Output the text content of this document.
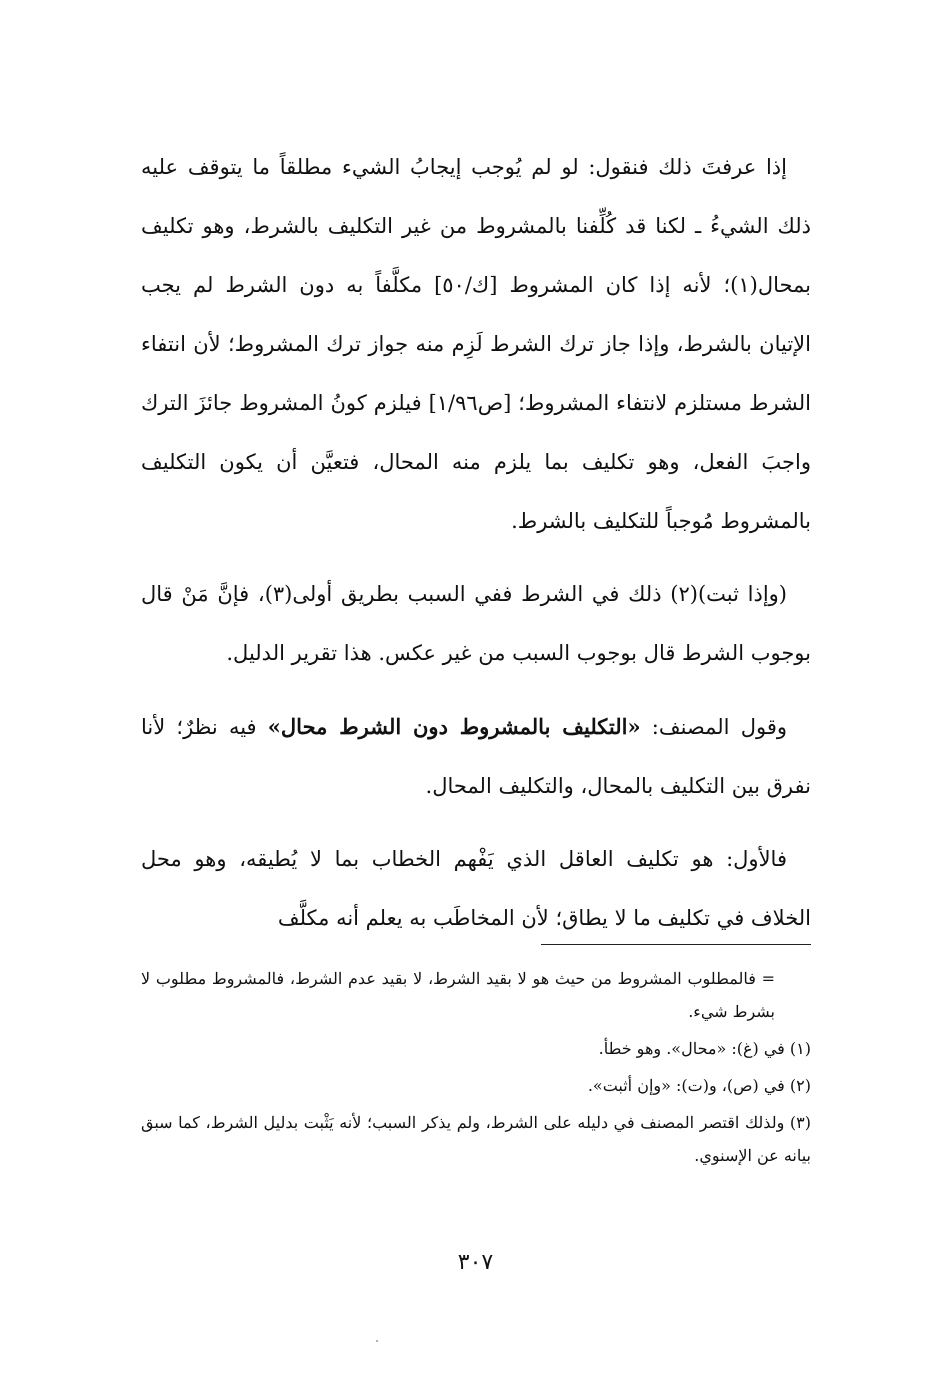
إذا عرفتَ ذلك فنقول: لو لم يُوجب إيجابُ الشيء مطلقاً ما يتوقف عليه ذلك الشيءُ ـ لكنا قد كُلِّفنا بالمشروط من غير التكليف بالشرط، وهو تكليف بمحال(١)؛ لأنه إذا كان المشروط [ك/٥٠] مكلَّفاً به دون الشرط لم يجب الإتيان بالشرط، وإذا جاز ترك الشرط لَزِم منه جواز ترك المشروط؛ لأن انتفاء الشرط مستلزم لانتفاء المشروط؛ [ص١/٩٦] فيلزم كونُ المشروط جائزَ الترك واجبَ الفعل، وهو تكليف بما يلزم منه المحال، فتعيَّن أن يكون التكليف بالمشروط مُوجباً للتكليف بالشرط.

(وإذا ثبت)(٢) ذلك في الشرط ففي السبب بطريق أولى(٣)، فإنَّ مَنْ قال بوجوب الشرط قال بوجوب السبب من غير عكس. هذا تقرير الدليل.

وقول المصنف: «التكليف بالمشروط دون الشرط محال» فيه نظرٌ؛ لأنا نفرق بين التكليف بالمحال، والتكليف المحال.

فالأول: هو تكليف العاقل الذي يَفْهم الخطاب بما لا يُطيقه، وهو محل الخلاف في تكليف ما لا يطاق؛ لأن المخاطَب به يعلم أنه مكلَّف

= فالمطلوب المشروط من حيث هو لا بقيد الشرط، لا بقيد عدم الشرط، فالمشروط مطلوب لا بشرط شيء.

(١) في (غ): «محال». وهو خطأ.

(٢) في (ص)، و(ت): «وإن أثبت».

(٣) ولذلك اقتصر المصنف في دليله على الشرط، ولم يذكر السبب؛ لأنه يَثْبت بدليل الشرط، كما سبق بيانه عن الإسنوي.

٣٠٧
